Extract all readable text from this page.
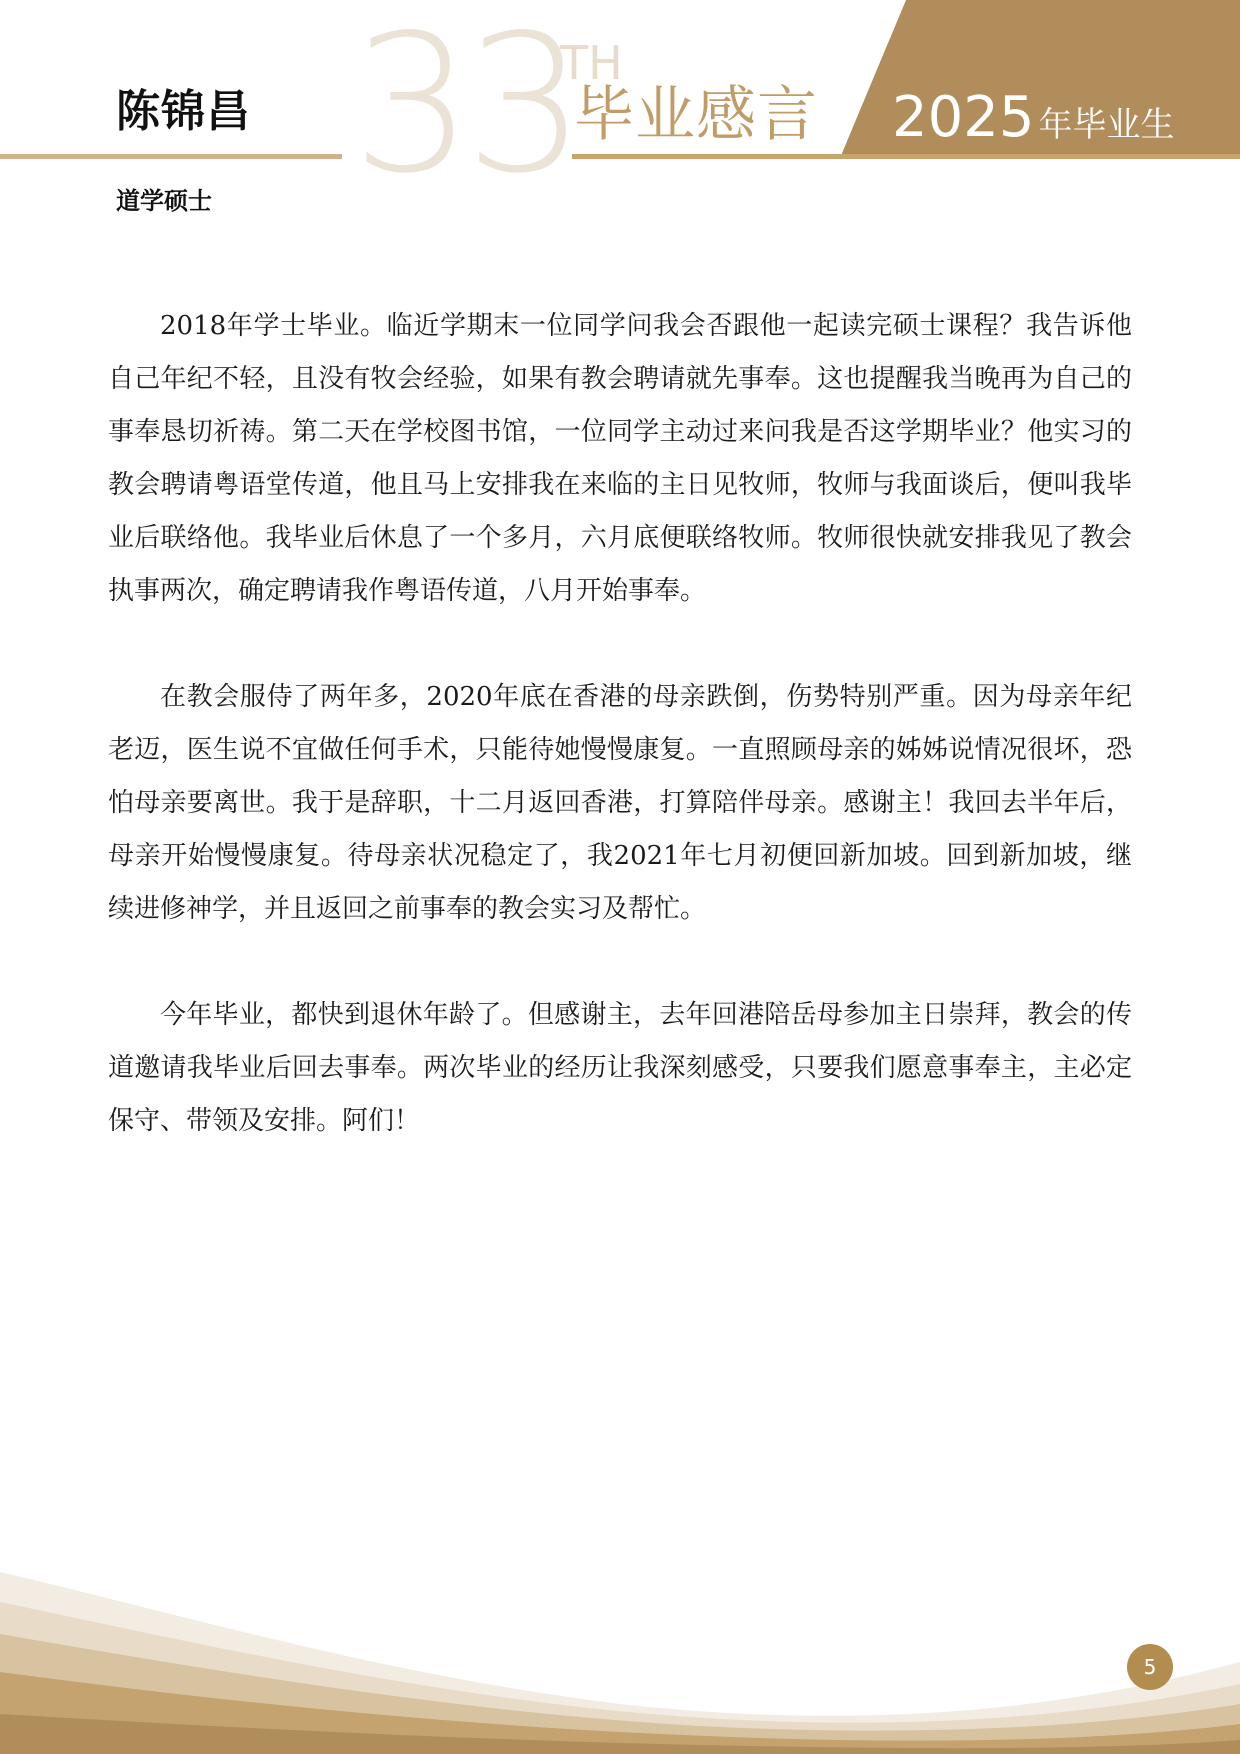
33
TH
毕业感言 2025 年毕业生
陈锦昌
道学硕士

2018年学士毕业。临近学期末一位同学问我会否跟他一起读完硕士课程？我告诉他自己年纪不轻，且没有牧会经验，如果有教会聘请就先事奉。这也提醒我当晚再为自己的事奉恳切祈祷。第二天在学校图书馆，一位同学主动过来问我是否这学期毕业？他实习的教会聘请粤语堂传道，他且马上安排我在来临的主日见牧师，牧师与我面谈后，便叫我毕业后联络他。我毕业后休息了一个多月，六月底便联络牧师。牧师很快就安排我见了教会执事两次，确定聘请我作粤语传道，八月开始事奉。

在教会服侍了两年多，2020年底在香港的母亲跌倒，伤势特别严重。因为母亲年纪老迈，医生说不宜做任何手术，只能待她慢慢康复。一直照顾母亲的姊姊说情况很坏，恐怕母亲要离世。我于是辞职，十二月返回香港，打算陪伴母亲。感谢主！我回去半年后，母亲开始慢慢康复。待母亲状况稳定了，我2021年七月初便回新加坡。回到新加坡，继续进修神学，并且返回之前事奉的教会实习及帮忙。

今年毕业，都快到退休年龄了。但感谢主，去年回港陪岳母参加主日崇拜，教会的传道邀请我毕业后回去事奉。两次毕业的经历让我深刻感受，只要我们愿意事奉主，主必定保守、带领及安排。阿们！

5
